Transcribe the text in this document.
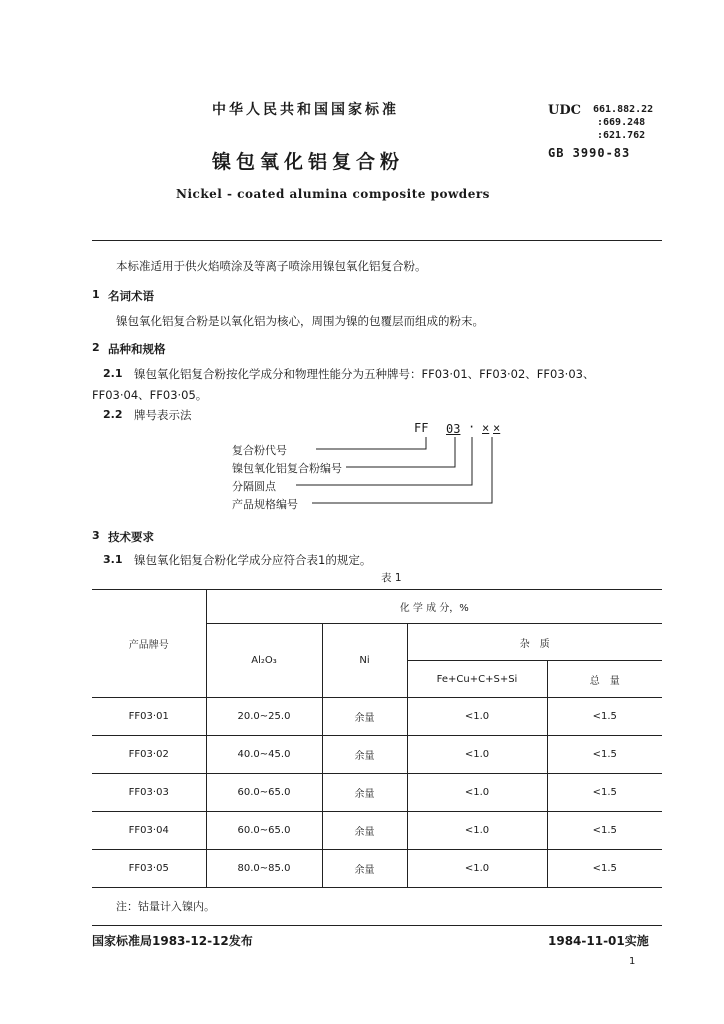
中华人民共和国国家标准	UDC 661.882.22
:669.248
:621.762
GB 3990-83
镍包氧化铝复合粉
Nickel - coated alumina composite powders
本标准适用于供火焰喷涂及等离子喷涂用镍包氧化铝复合粉。
1 名词术语
镍包氧化铝复合粉是以氧化铝为核心，周围为镍的包覆层而组成的粉末。
2 品种和规格
2.1 镍包氧化铝复合粉按化学成分和物理性能分为五种牌号：FF03·01、FF03·02、FF03·03、
FF03·04、FF03·05。
2.2 牌号表示法
FF 03 · × ×
复合粉代号
镍包氧化铝复合粉编号
分隔圆点
产品规格编号
3 技术要求
3.1 镍包氧化铝复合粉化学成分应符合表1的规定。
表 1
产品牌号	化 学 成 分，%			
	Al₂O₃	Ni	杂　质	
			Fe+Cu+C+S+Si	总　量
FF03·01	20.0~25.0	余量	<1.0	<1.5
FF03·02	40.0~45.0	余量	<1.0	<1.5
FF03·03	60.0~65.0	余量	<1.0	<1.5
FF03·04	60.0~65.0	余量	<1.0	<1.5
FF03·05	80.0~85.0	余量	<1.0	<1.5
注：钴量计入镍内。
国家标准局1983-12-12发布	1984-11-01实施
1
